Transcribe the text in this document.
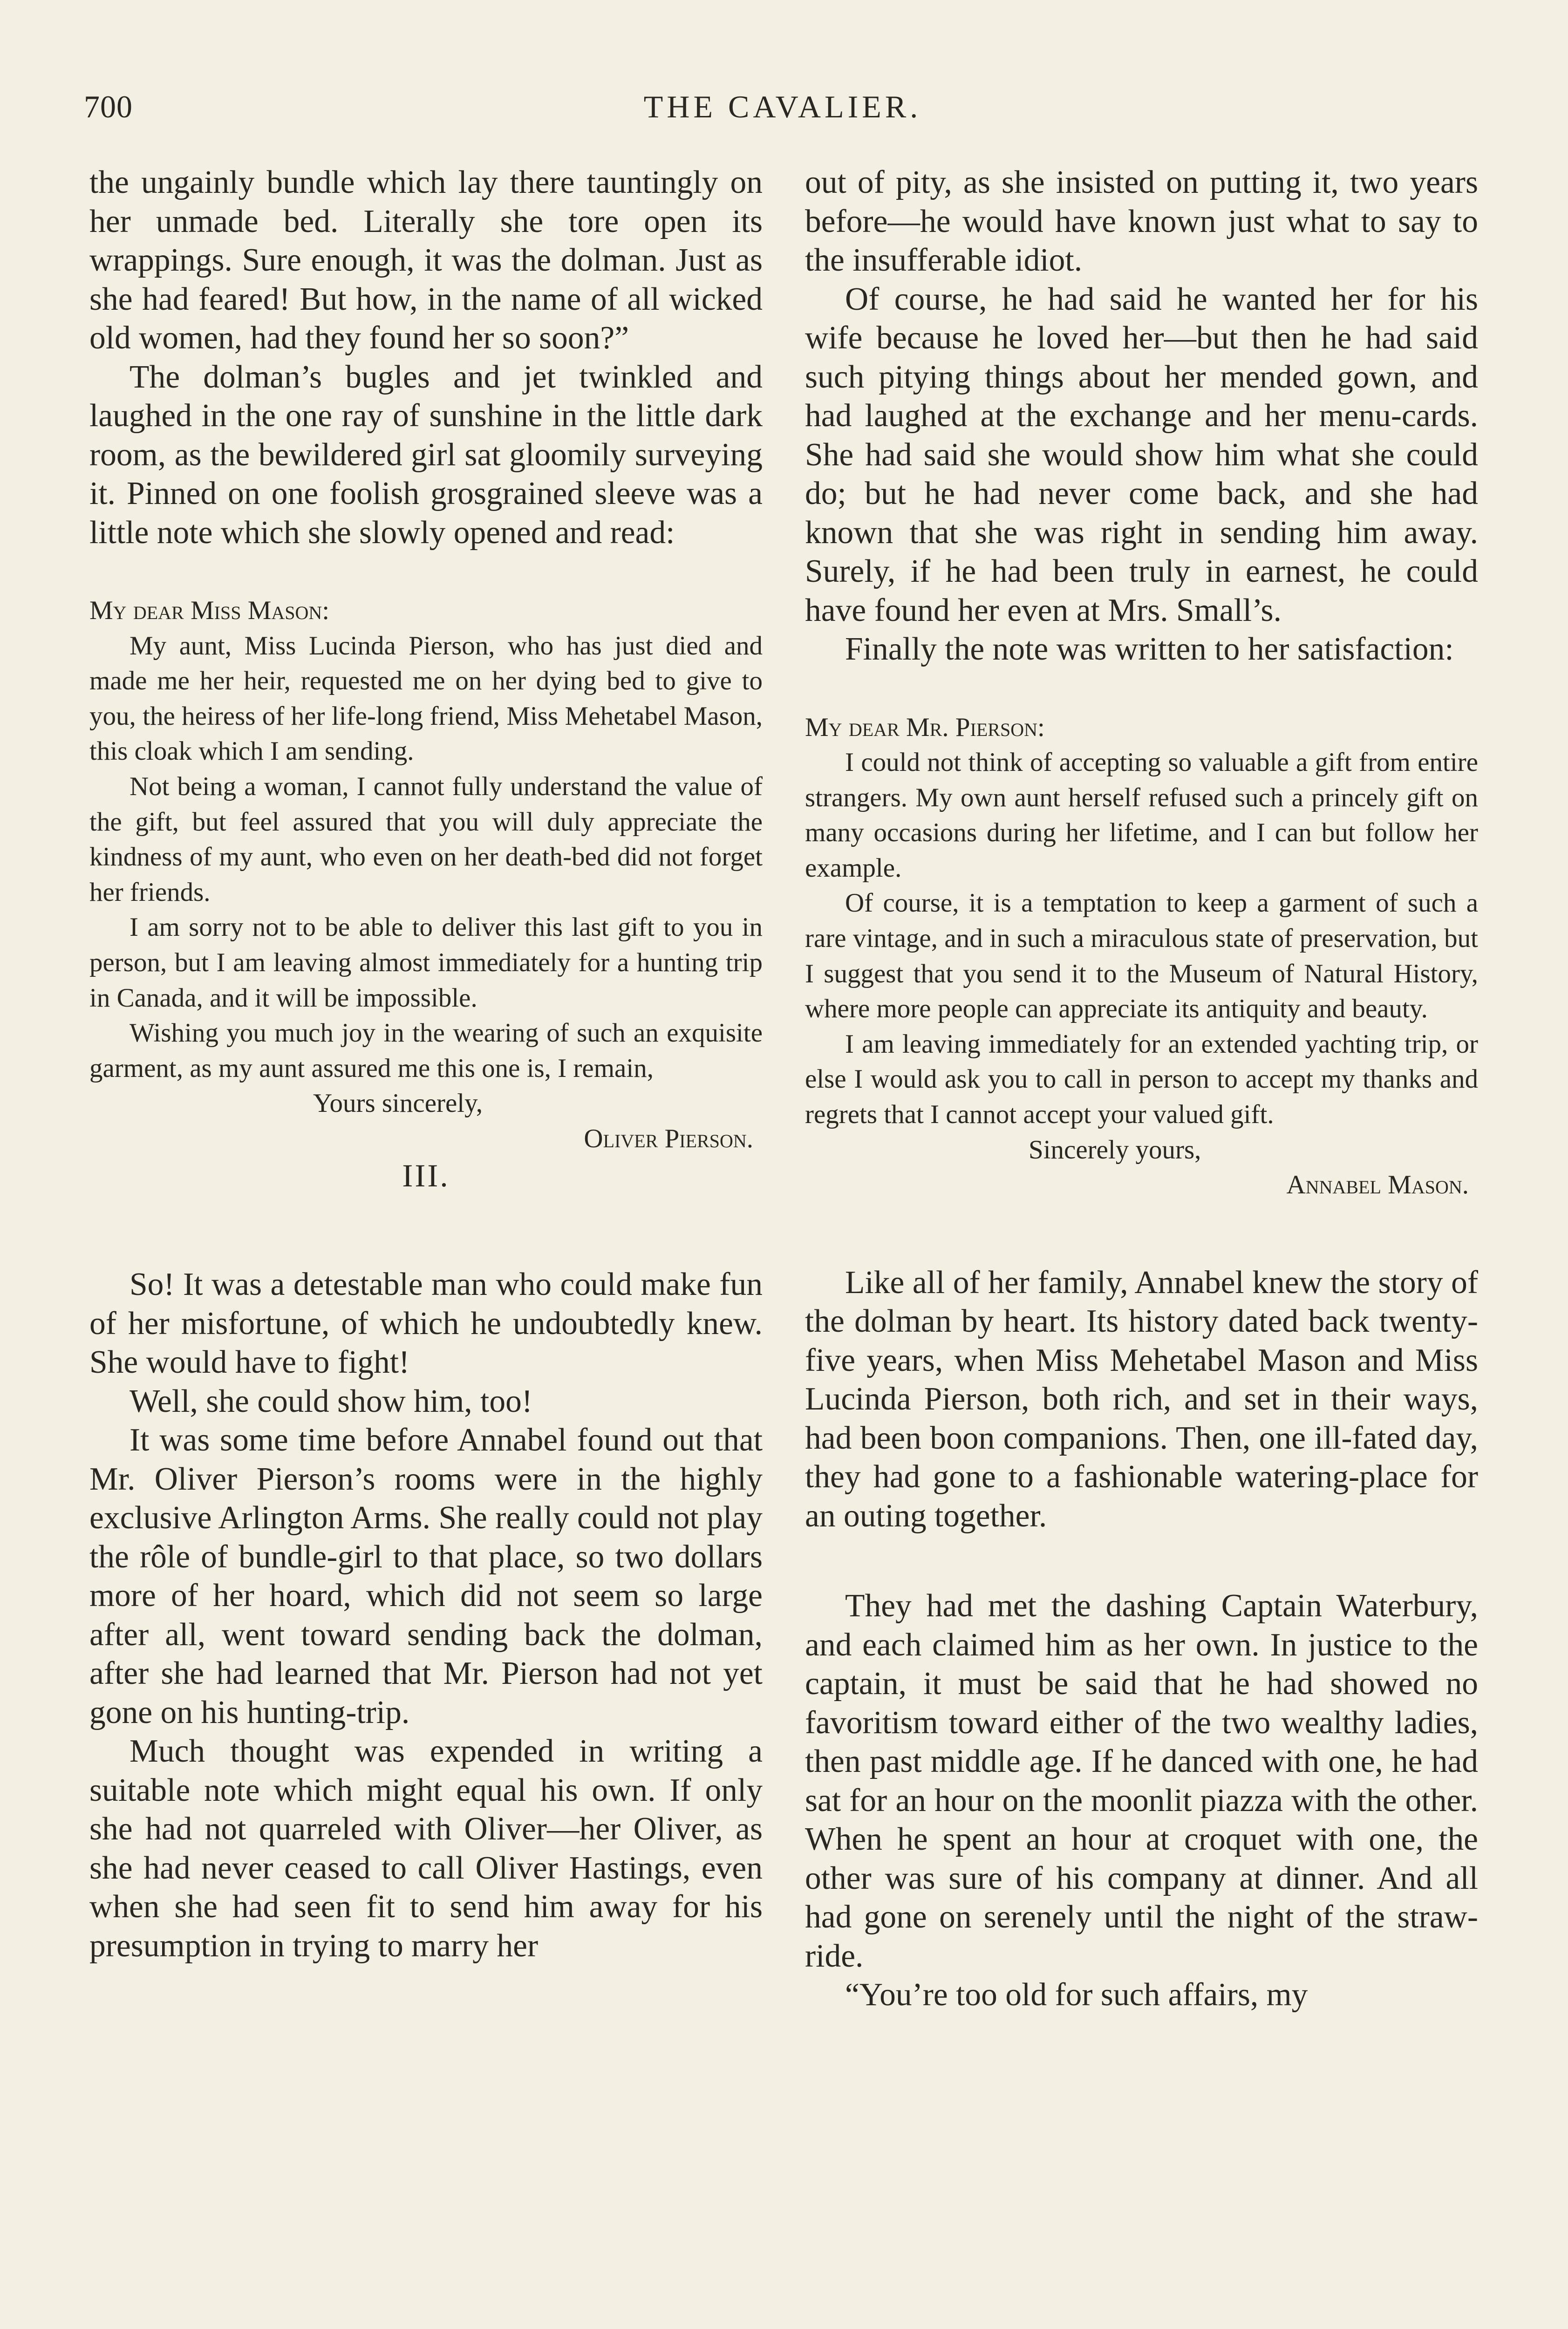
700	THE CAVALIER.

the ungainly bundle which lay there tauntingly on her unmade bed. Literally she tore open its wrappings. Sure enough, it was the dolman. Just as she had feared! But how, in the name of all wicked old women, had they found her so soon?”

The dolman’s bugles and jet twinkled and laughed in the one ray of sunshine in the little dark room, as the bewildered girl sat gloomily surveying it. Pinned on one foolish grosgrained sleeve was a little note which she slowly opened and read:

My dear Miss Mason:

My aunt, Miss Lucinda Pierson, who has just died and made me her heir, requested me on her dying bed to give to you, the heiress of her life-long friend, Miss Mehetabel Mason, this cloak which I am sending.

Not being a woman, I cannot fully understand the value of the gift, but feel assured that you will duly appreciate the kindness of my aunt, who even on her death-bed did not forget her friends.

I am sorry not to be able to deliver this last gift to you in person, but I am leaving almost immediately for a hunting trip in Canada, and it will be impossible.

Wishing you much joy in the wearing of such an exquisite garment, as my aunt assured me this one is, I remain,

Yours sincerely,

Oliver Pierson.

III.

So! It was a detestable man who could make fun of her misfortune, of which he undoubtedly knew. She would have to fight!

Well, she could show him, too!

It was some time before Annabel found out that Mr. Oliver Pierson’s rooms were in the highly exclusive Arlington Arms. She really could not play the rôle of bundle-girl to that place, so two dollars more of her hoard, which did not seem so large after all, went toward sending back the dolman, after she had learned that Mr. Pierson had not yet gone on his hunting-trip.

Much thought was expended in writing a suitable note which might equal his own. If only she had not quarreled with Oliver—her Oliver, as she had never ceased to call Oliver Hastings, even when she had seen fit to send him away for his presumption in trying to marry her

out of pity, as she insisted on putting it, two years before—he would have known just what to say to the insufferable idiot.

Of course, he had said he wanted her for his wife because he loved her—but then he had said such pitying things about her mended gown, and had laughed at the exchange and her menu-cards. She had said she would show him what she could do; but he had never come back, and she had known that she was right in sending him away. Surely, if he had been truly in earnest, he could have found her even at Mrs. Small’s.

Finally the note was written to her satisfaction:

My dear Mr. Pierson:

I could not think of accepting so valuable a gift from entire strangers. My own aunt herself refused such a princely gift on many occasions during her lifetime, and I can but follow her example.

Of course, it is a temptation to keep a garment of such a rare vintage, and in such a miraculous state of preservation, but I suggest that you send it to the Museum of Natural History, where more people can appreciate its antiquity and beauty.

I am leaving immediately for an extended yachting trip, or else I would ask you to call in person to accept my thanks and regrets that I cannot accept your valued gift.

Sincerely yours,

Annabel Mason.

Like all of her family, Annabel knew the story of the dolman by heart. Its history dated back twenty-five years, when Miss Mehetabel Mason and Miss Lucinda Pierson, both rich, and set in their ways, had been boon companions. Then, one ill-fated day, they had gone to a fashionable watering-place for an outing together.

They had met the dashing Captain Waterbury, and each claimed him as her own. In justice to the captain, it must be said that he had showed no favoritism toward either of the two wealthy ladies, then past middle age. If he danced with one, he had sat for an hour on the moonlit piazza with the other. When he spent an hour at croquet with one, the other was sure of his company at dinner. And all had gone on serenely until the night of the straw-ride.

“You’re too old for such affairs, my
